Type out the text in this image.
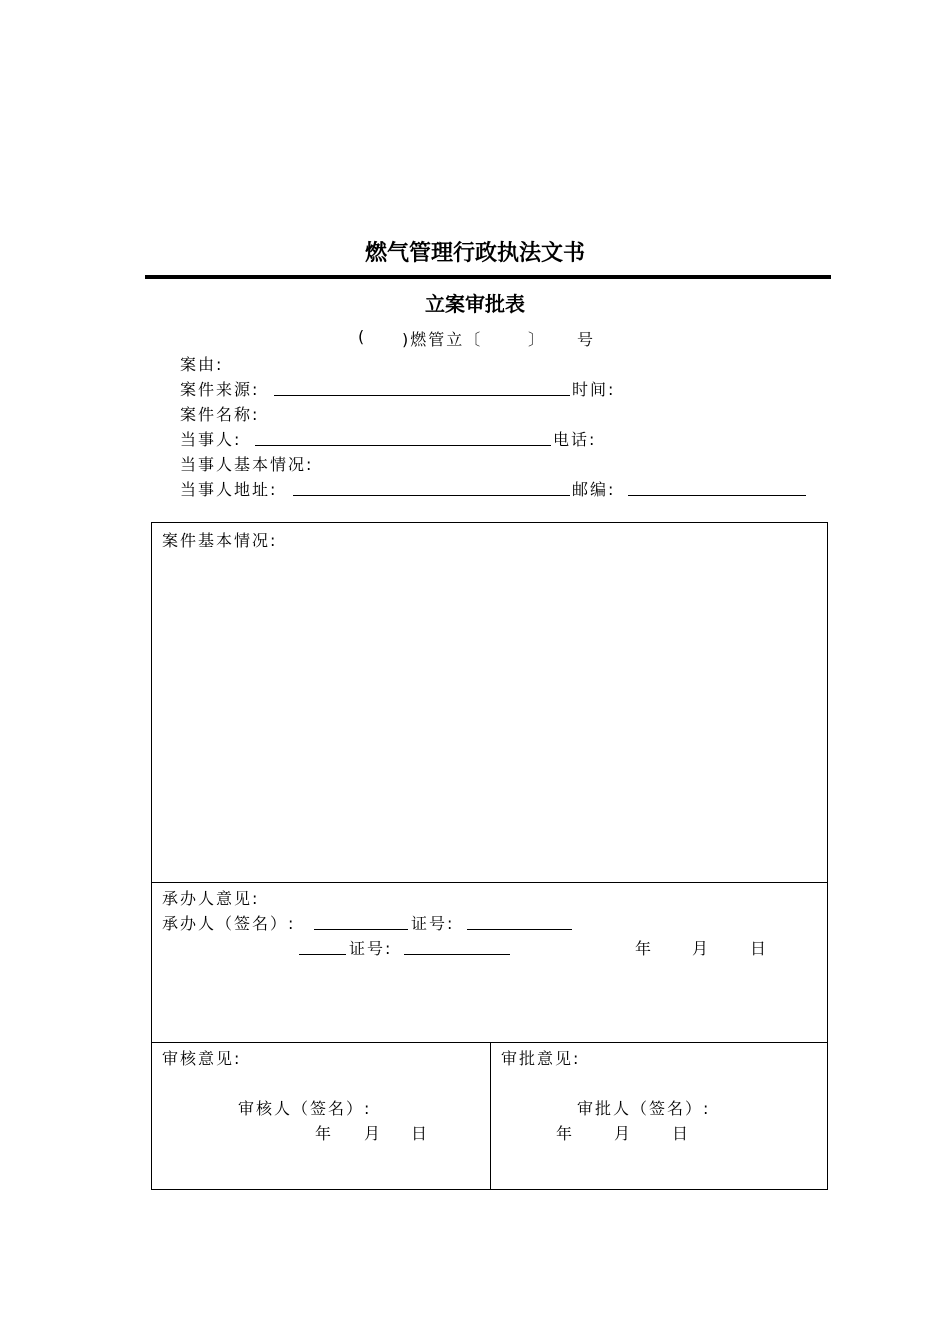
燃气管理行政执法文书
立案审批表
( )燃管立〔	〕 号
案由:
案件来源:	时间:
案件名称:
当事人:	电话:
当事人基本情况:
当事人地址:	邮编:
案件基本情况:
承办人意见:
承办人（签名）:	证号:
证号:	年 月 日
审核意见:
审核人（签名）:
年 月 日
审批意见:
审批人（签名）:
年 月 日
